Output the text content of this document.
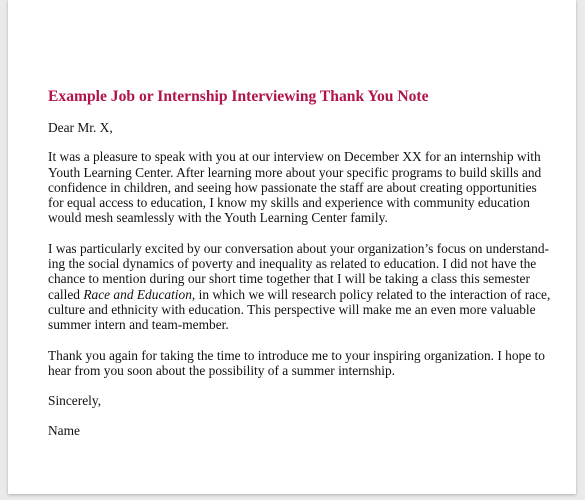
Example Job or Internship Interviewing Thank You Note
Dear Mr. X,
It was a pleasure to speak with you at our interview on December XX for an internship with
Youth Learning Center. After learning more about your specific programs to build skills and
confidence in children, and seeing how passionate the staff are about creating opportunities
for equal access to education, I know my skills and experience with community education
would mesh seamlessly with the Youth Learning Center family.
I was particularly excited by our conversation about your organization’s focus on understand-
ing the social dynamics of poverty and inequality as related to education. I did not have the
chance to mention during our short time together that I will be taking a class this semester
called Race and Education, in which we will research policy related to the interaction of race,
culture and ethnicity with education. This perspective will make me an even more valuable
summer intern and team-member.
Thank you again for taking the time to introduce me to your inspiring organization. I hope to
hear from you soon about the possibility of a summer internship.
Sincerely,
Name
